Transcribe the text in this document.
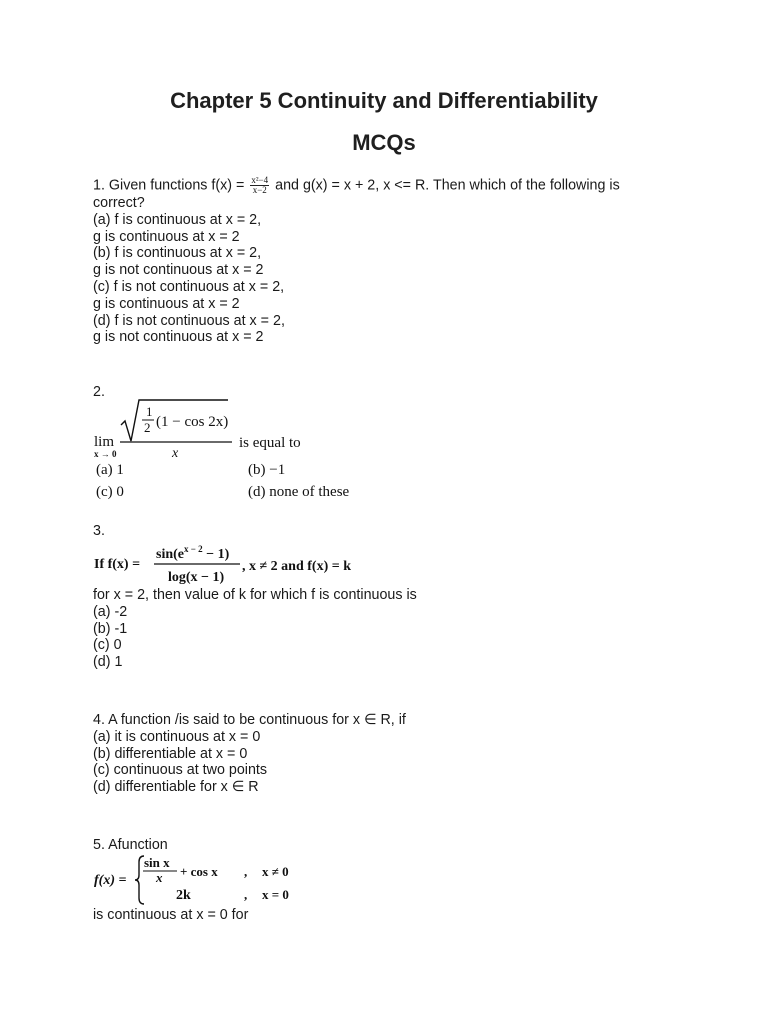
Chapter 5 Continuity and Differentiability
MCQs
1. Given functions $f(x) = \frac{\text{x²−4}}{x-2}$ and g(x) = x + 2, x <= R. Then which of the following is
correct?
(a) f is continuous at x = 2,
g is continuous at x = 2
(b) f is continuous at x = 2,
g is not continuous at x = 2
(c) f is not continuous at x = 2,
g is continuous at x = 2
(d) f is not continuous at x = 2,
g is not continuous at x = 2
2.
lim
x → 0
1
2 (1 − cos 2x)
x
is equal to
(a) 1	(b) −1
(c) 0	(d) none of these
3.
If f(x) =
$\sin(e^{x - 2} - 1)$
log(x − 1)
, x ≠ 2 and f(x) = k
for x = 2, then value of k for which f is continuous is
(a) -2
(b) -1
(c) 0
(d) 1
4. A function /is said to be continuous for x ∈ R, if
(a) it is continuous at x = 0
(b) differentiable at x = 0
(c) continuous at two points
(d) differentiable for x ∈ R
5. Afunction
f(x) =
sin x
x + cos x , x ≠ 0
2k	, x = 0
is continuous at x = 0 for
